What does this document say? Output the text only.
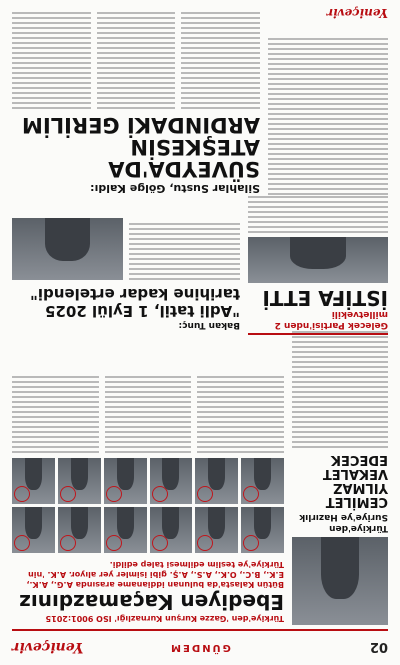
02
GÜNDEM
Yeniçevir
Türkiye'den Suriye'ye Hazırlık
CEMİLET YILMAZ VEKALET EDECEK
Türkiye'den 'Gazze Kurşun Kurnazlığı' ISO 9001:2015
Ebediyen Kaçamazdınız
Bütün Kalasta'da bulunan iddianame arasında A.G., A.K., E.K., B.C., O.K., A.S., A.Ş. gibi isimler yer alıyor. A.K. 'nin Türkiye'ye teslim edilmesi talep edildi.
Gelecek Partisi'nden 2 milletvekili
İSTİFA ETTİ
Bakan Tunç:
"Adli tatil, 1 Eylül 2025 tarihine kadar ertelendi"
Silahlar Sustu, Gölge Kaldı:
SÜVEYDA'DA ATEŞKESİN ARDINDAKİ GERİLİM
Yeniçevir
